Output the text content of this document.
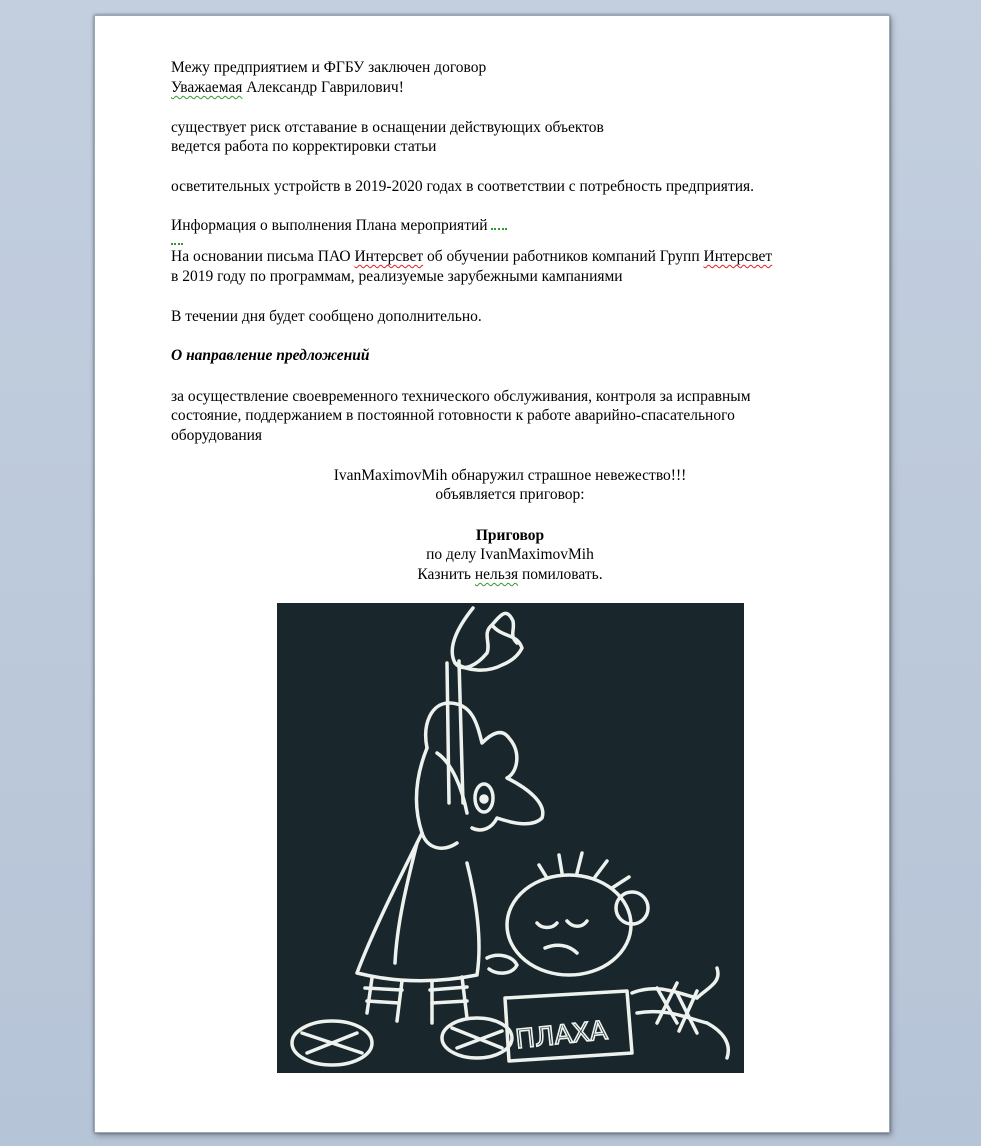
Межу предприятием и ФГБУ заключен договор
Уважаемая Александр Гаврилович!
существует риск отставание в оснащении действующих объектов
ведется работа по корректировки статьи
осветительных устройств в 2019-2020 годах в соответствии с потребность предприятия.
Информация о выполнения Плана мероприятий
На основании письма ПАО Интерсвет об обучении работников компаний Групп Интерсвет
в 2019 году по программам, реализуемые зарубежными кампаниями
В течении дня будет сообщено дополнительно.
О направление предложений
за осуществление своевременного технического обслуживания, контроля за исправным
состояние, поддержанием в постоянной готовности к работе аварийно-спасательного
оборудования
IvanMaximovMih обнаружил страшное невежество!!!
объявляется приговор:
Приговор
по делу IvanMaximovMih
Казнить нельзя помиловать.
ПЛАХА
